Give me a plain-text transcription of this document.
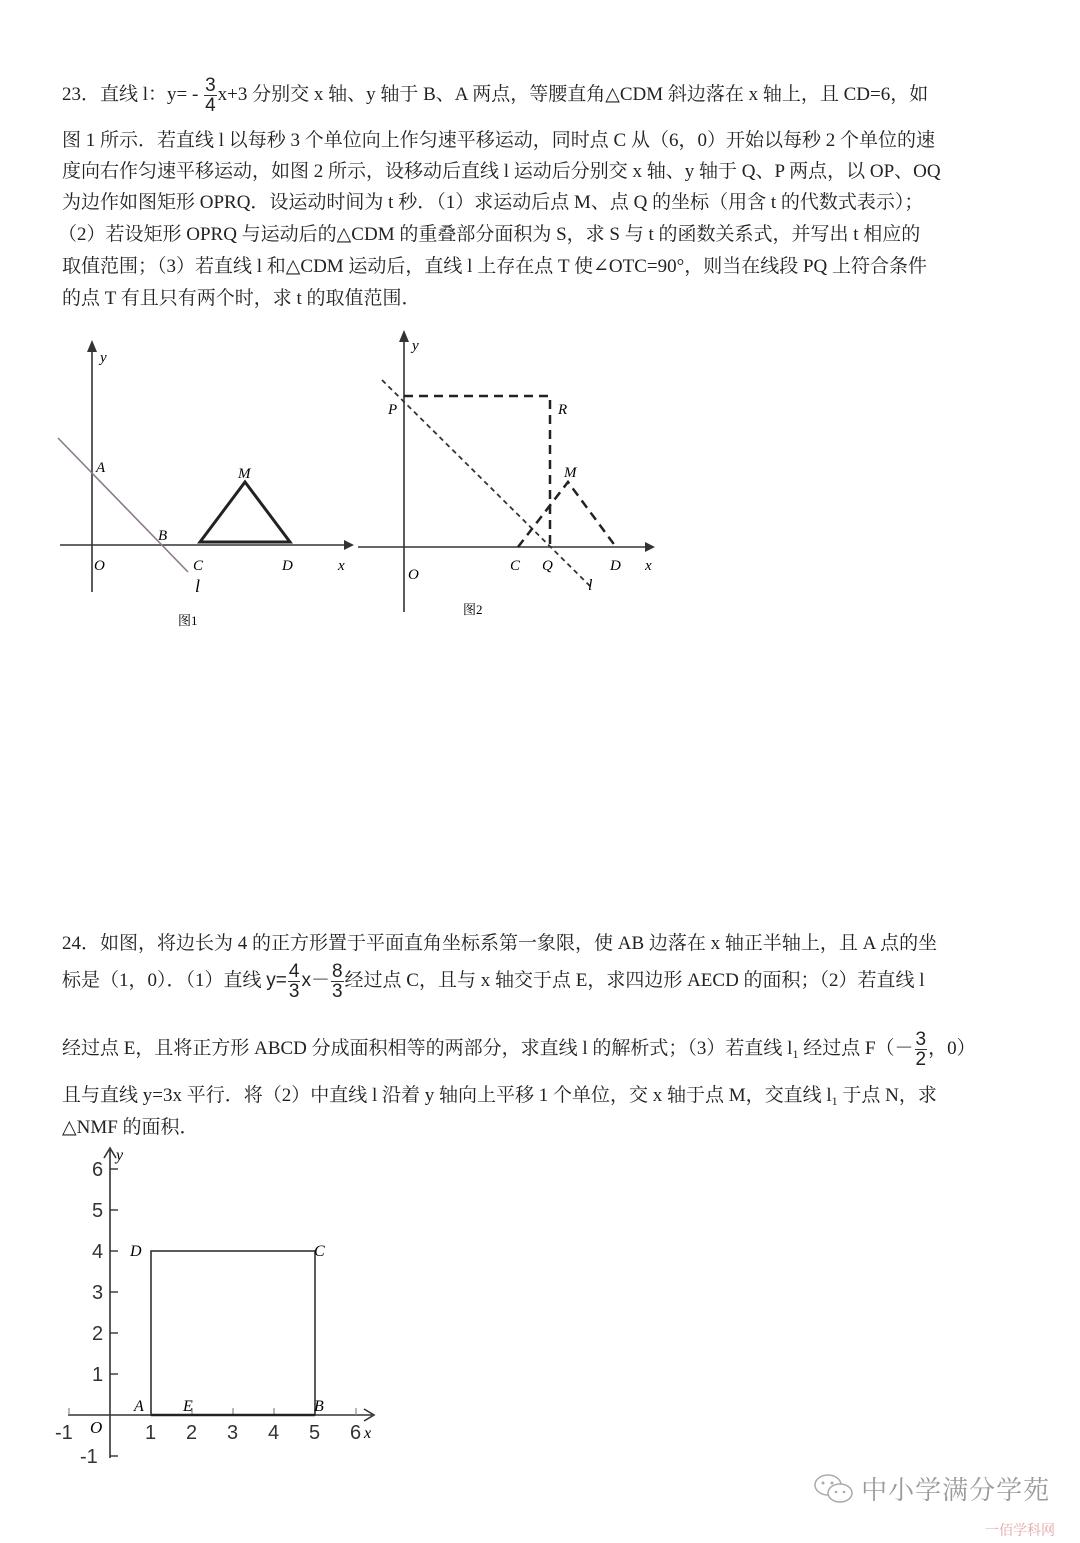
23．直线 l：$y= - \frac{3}{4} x+3$ 分别交 x 轴、y 轴于 B、A 两点，等腰直角△CDM 斜边落在 x 轴上，且 CD=6，如
图 1 所示．若直线 l 以每秒 3 个单位向上作匀速平移运动，同时点 C 从（6，0）开始以每秒 2 个单位的速
度向右作匀速平移运动，如图 2 所示，设移动后直线 l 运动后分别交 x 轴、y 轴于 Q、P 两点，以 OP、OQ
为边作如图矩形 OPRQ．设运动时间为 t 秒．（1）求运动后点 M、点 Q 的坐标（用含 t 的代数式表示）；
（2）若设矩形 OPRQ 与运动后的△CDM 的重叠部分面积为 S，求 S 与 t 的函数关系式，并写出 t 相应的
取值范围；（3）若直线 l 和△CDM 运动后，直线 l 上存在点 T 使∠OTC=90°，则当在线段 PQ 上符合条件
的点 T 有且只有两个时，求 t 的取值范围．
y
A
B
O	C	D
M
x
l
图1
y
P	R
M
O
C Q	D x
l
图2
24．如图，将边长为 4 的正方形置于平面直角坐标系第一象限，使 AB 边落在 x 轴正半轴上，且 A 点的坐
标是（1，0）．（1）直线 $y= \frac{4}{3} x- \frac{8}{3}$ 经过点 C，且与 x 轴交于点 E，求四边形 AECD 的面积；（2）若直线 l
经过点 E，且将正方形 ABCD 分成面积相等的两部分，求直线 l 的解析式；（3）若直线 $l_1$ 经过点 $F(- \frac{3}{2}$ ，0）
且与直线 y=3x 平行．将（2）中直线 l 沿着 y 轴向上平移 1 个单位，交 x 轴于点 M，交直线 $l_1$ 于点 N，求
△NMF 的面积．
-1	1 2 3 4 5 6
6
5
4
3
2
1
-1
y
D	C
A E	B
O	x
中小学满分学苑
一佰学科网
